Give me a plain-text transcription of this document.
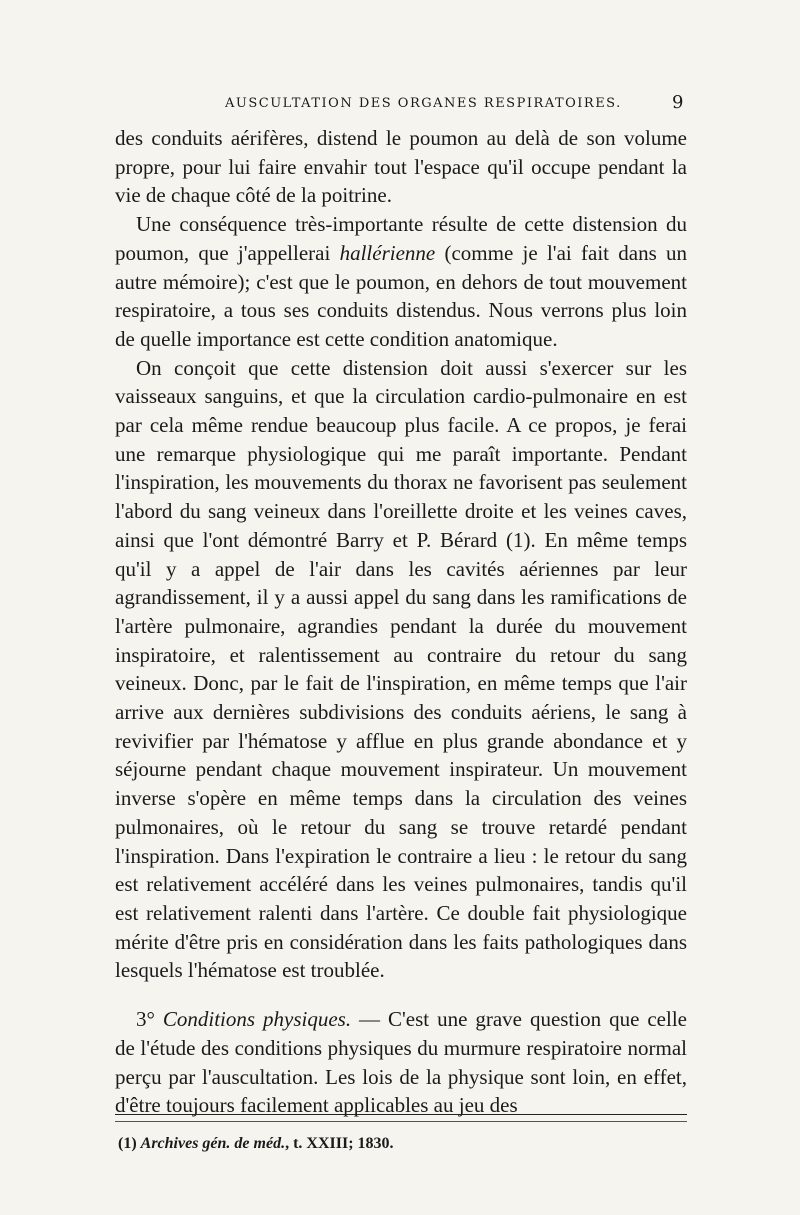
AUSCULTATION DES ORGANES RESPIRATOIRES.	9

des conduits aérifères, distend le poumon au delà de son volume propre, pour lui faire envahir tout l'espace qu'il occupe pendant la vie de chaque côté de la poitrine.

Une conséquence très-importante résulte de cette distension du poumon, que j'appellerai hallérienne (comme je l'ai fait dans un autre mémoire); c'est que le poumon, en dehors de tout mouvement respiratoire, a tous ses conduits distendus. Nous verrons plus loin de quelle importance est cette condition anatomique.

On conçoit que cette distension doit aussi s'exercer sur les vaisseaux sanguins, et que la circulation cardio-pulmonaire en est par cela même rendue beaucoup plus facile. A ce propos, je ferai une remarque physiologique qui me paraît importante. Pendant l'inspiration, les mouvements du thorax ne favorisent pas seulement l'abord du sang veineux dans l'oreillette droite et les veines caves, ainsi que l'ont démontré Barry et P. Bérard (1). En même temps qu'il y a appel de l'air dans les cavités aériennes par leur agrandissement, il y a aussi appel du sang dans les ramifications de l'artère pulmonaire, agrandies pendant la durée du mouvement inspiratoire, et ralentissement au contraire du retour du sang veineux. Donc, par le fait de l'inspiration, en même temps que l'air arrive aux dernières subdivisions des conduits aériens, le sang à revivifier par l'hématose y afflue en plus grande abondance et y séjourne pendant chaque mouvement inspirateur. Un mouvement inverse s'opère en même temps dans la circulation des veines pulmonaires, où le retour du sang se trouve retardé pendant l'inspiration. Dans l'expiration le contraire a lieu : le retour du sang est relativement accéléré dans les veines pulmonaires, tandis qu'il est relativement ralenti dans l'artère. Ce double fait physiologique mérite d'être pris en considération dans les faits pathologiques dans lesquels l'hématose est troublée.

3° Conditions physiques. — C'est une grave question que celle de l'étude des conditions physiques du murmure respiratoire normal perçu par l'auscultation. Les lois de la physique sont loin, en effet, d'être toujours facilement applicables au jeu des

(1) Archives gén. de méd., t. XXIII; 1830.
